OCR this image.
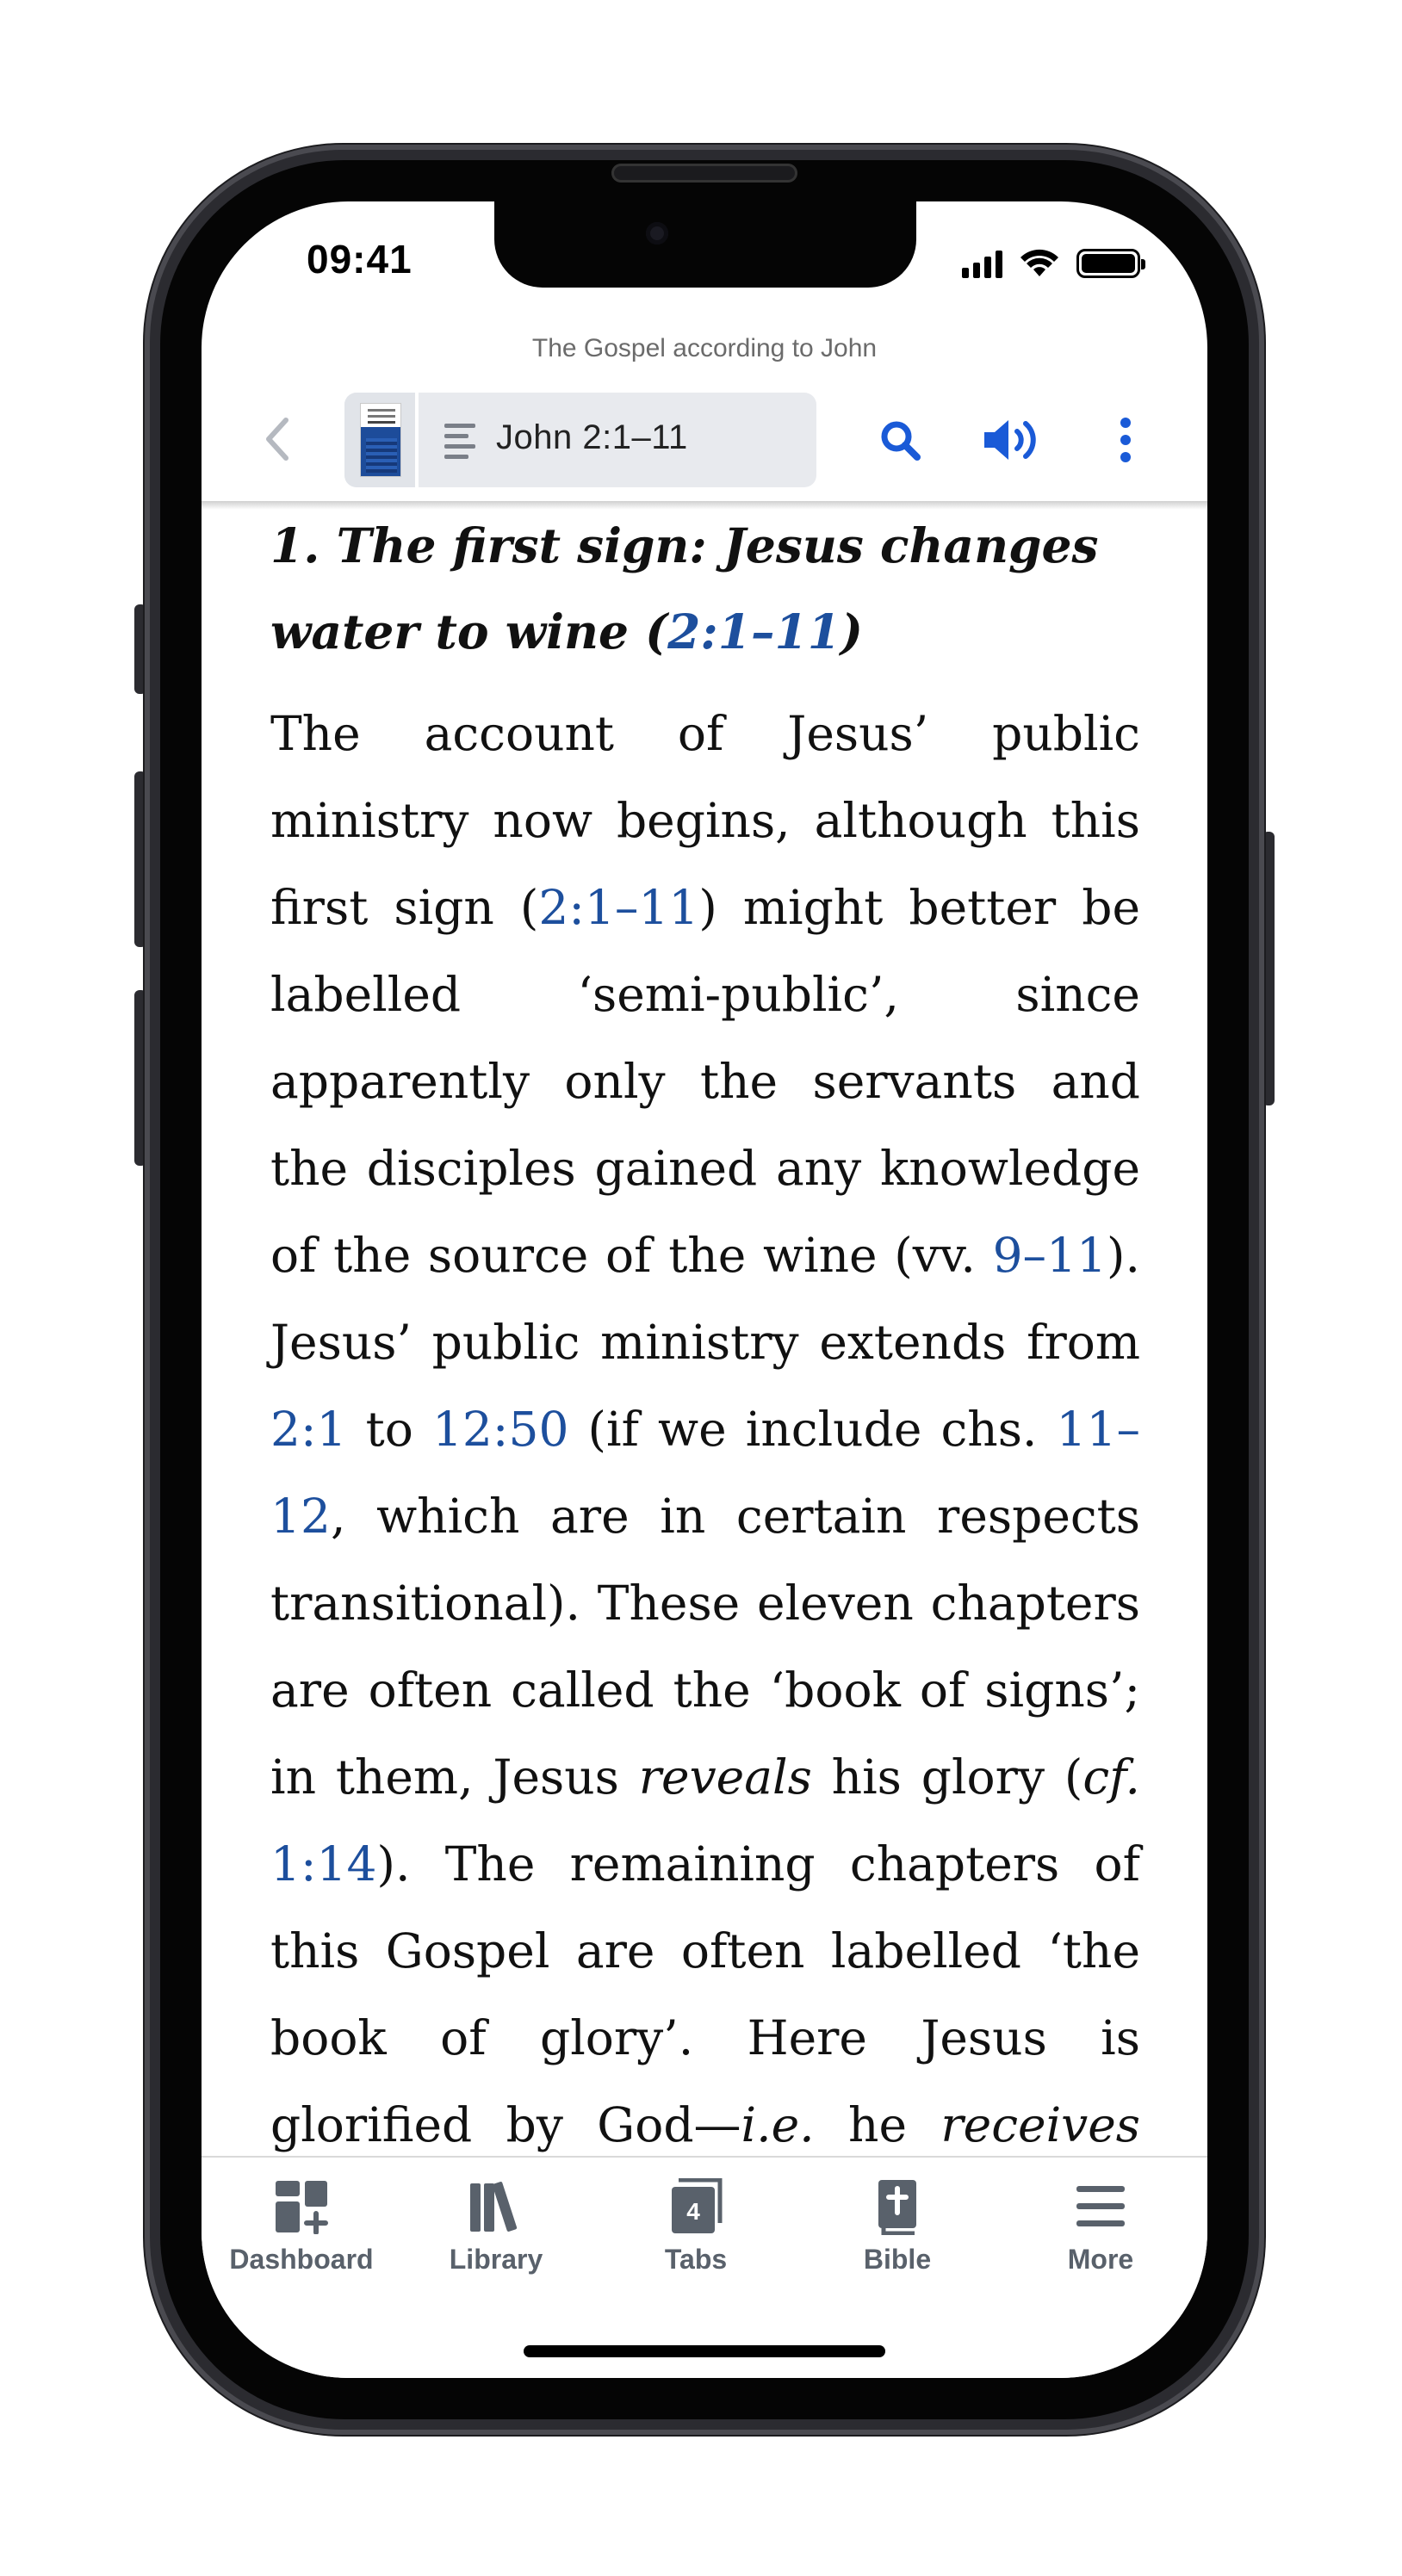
09:41
The Gospel according to John
John 2:1–11
1. The first sign: Jesus changes water to wine (2:1–11)

The account of Jesus’ public ministry now begins, although this first sign (2:1–11) might better be labelled ‘semi-public’, since apparently only the servants and the disciples gained any knowledge of the source of the wine (vv. 9–11). Jesus’ public ministry extends from 2:1 to 12:50 (if we include chs. 11–12, which are in certain respects transitional). These eleven chapters are often called the ‘book of signs’; in them, Jesus reveals his glory (cf. 1:14). The remaining chapters of this Gospel are often labelled ‘the book of glory’. Here Jesus is glorified by God—i.e. he receives

Dashboard	Library
4
Tabs	Bible	More
